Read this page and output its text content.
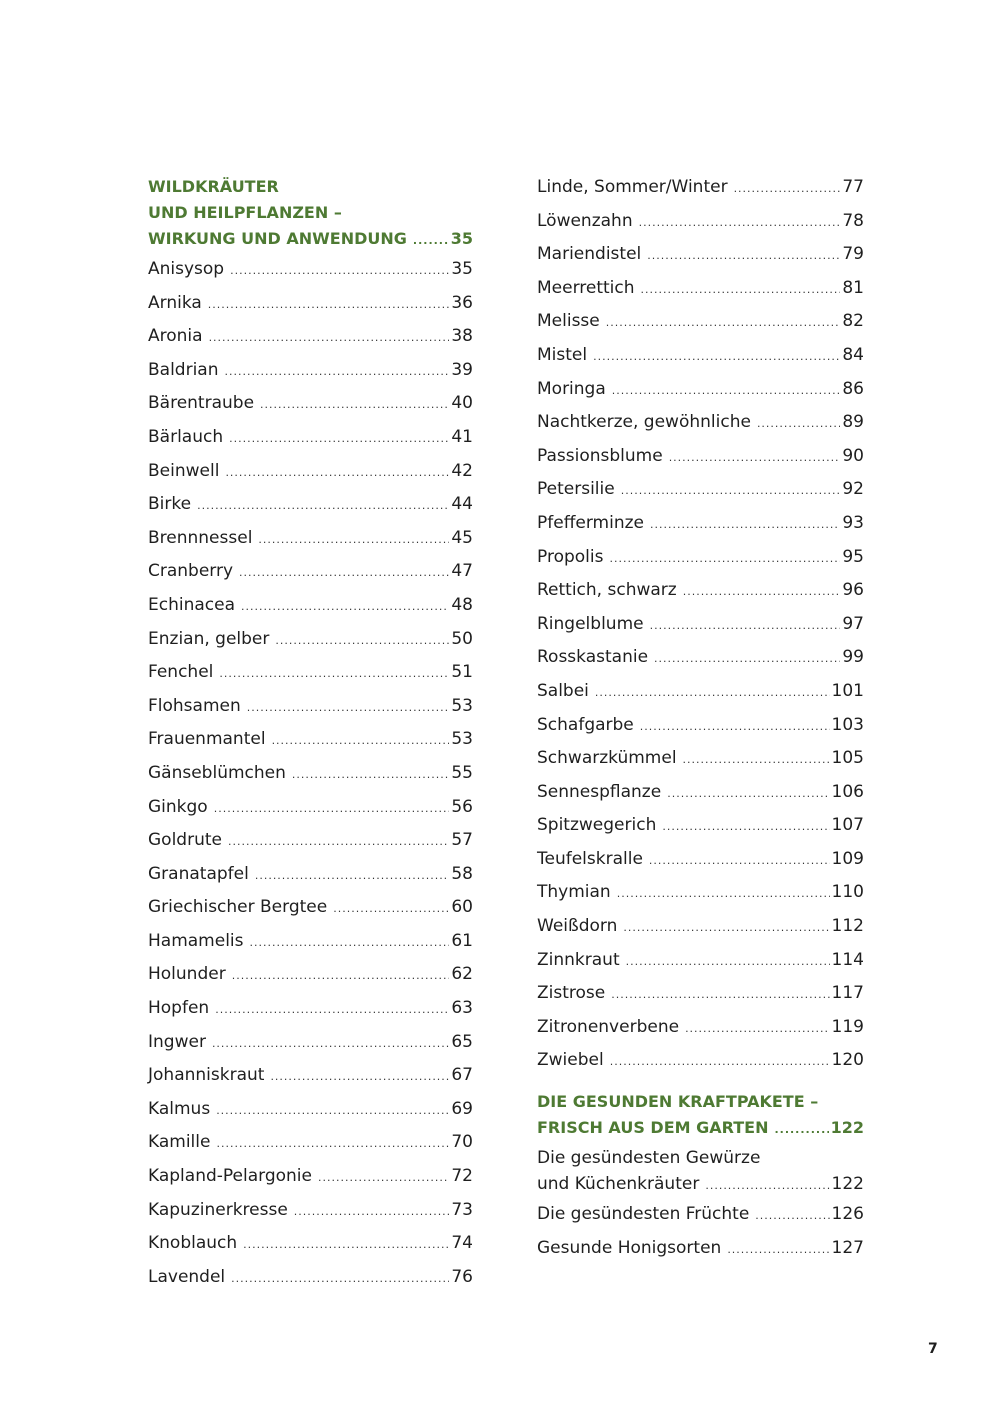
WILDKRÄUTER
UND HEILPFLANZEN –
WIRKUNG UND ANWENDUNG .....	35
Anisysop .....	35
Arnika .....	36
Aronia .....	38
Baldrian .....	39
Bärentraube .....	40
Bärlauch .....	41
Beinwell .....	42
Birke .....	44
Brennnessel .....	45
Cranberry .....	47
Echinacea .....	48
Enzian, gelber .....	50
Fenchel .....	51
Flohsamen .....	53
Frauenmantel .....	53
Gänseblümchen .....	55
Ginkgo .....	56
Goldrute .....	57
Granatapfel .....	58
Griechischer Bergtee .....	60
Hamamelis .....	61
Holunder .....	62
Hopfen .....	63
Ingwer .....	65
Johanniskraut .....	67
Kalmus .....	69
Kamille .....	70
Kapland-Pelargonie .....	72
Kapuzinerkresse .....	73
Knoblauch .....	74
Lavendel .....	76
Linde, Sommer/Winter .....	77
Löwenzahn .....	78
Mariendistel .....	79
Meerrettich .....	81
Melisse .....	82
Mistel .....	84
Moringa .....	86
Nachtkerze, gewöhnliche .....	89
Passionsblume .....	90
Petersilie .....	92
Pfefferminze .....	93
Propolis .....	95
Rettich, schwarz .....	96
Ringelblume .....	97
Rosskastanie .....	99
Salbei .....	101
Schafgarbe .....	103
Schwarzkümmel .....	105
Sennespflanze .....	106
Spitzwegerich .....	107
Teufelskralle .....	109
Thymian .....	110
Weißdorn .....	112
Zinnkraut .....	114
Zistrose .....	117
Zitronenverbene .....	119
Zwiebel .....	120
DIE GESUNDEN KRAFTPAKETE –
FRISCH AUS DEM GARTEN .....	122
Die gesündesten Gewürze
und Küchenkräuter .....	122
Die gesündesten Früchte .....	126
Gesunde Honigsorten .....	127
7
